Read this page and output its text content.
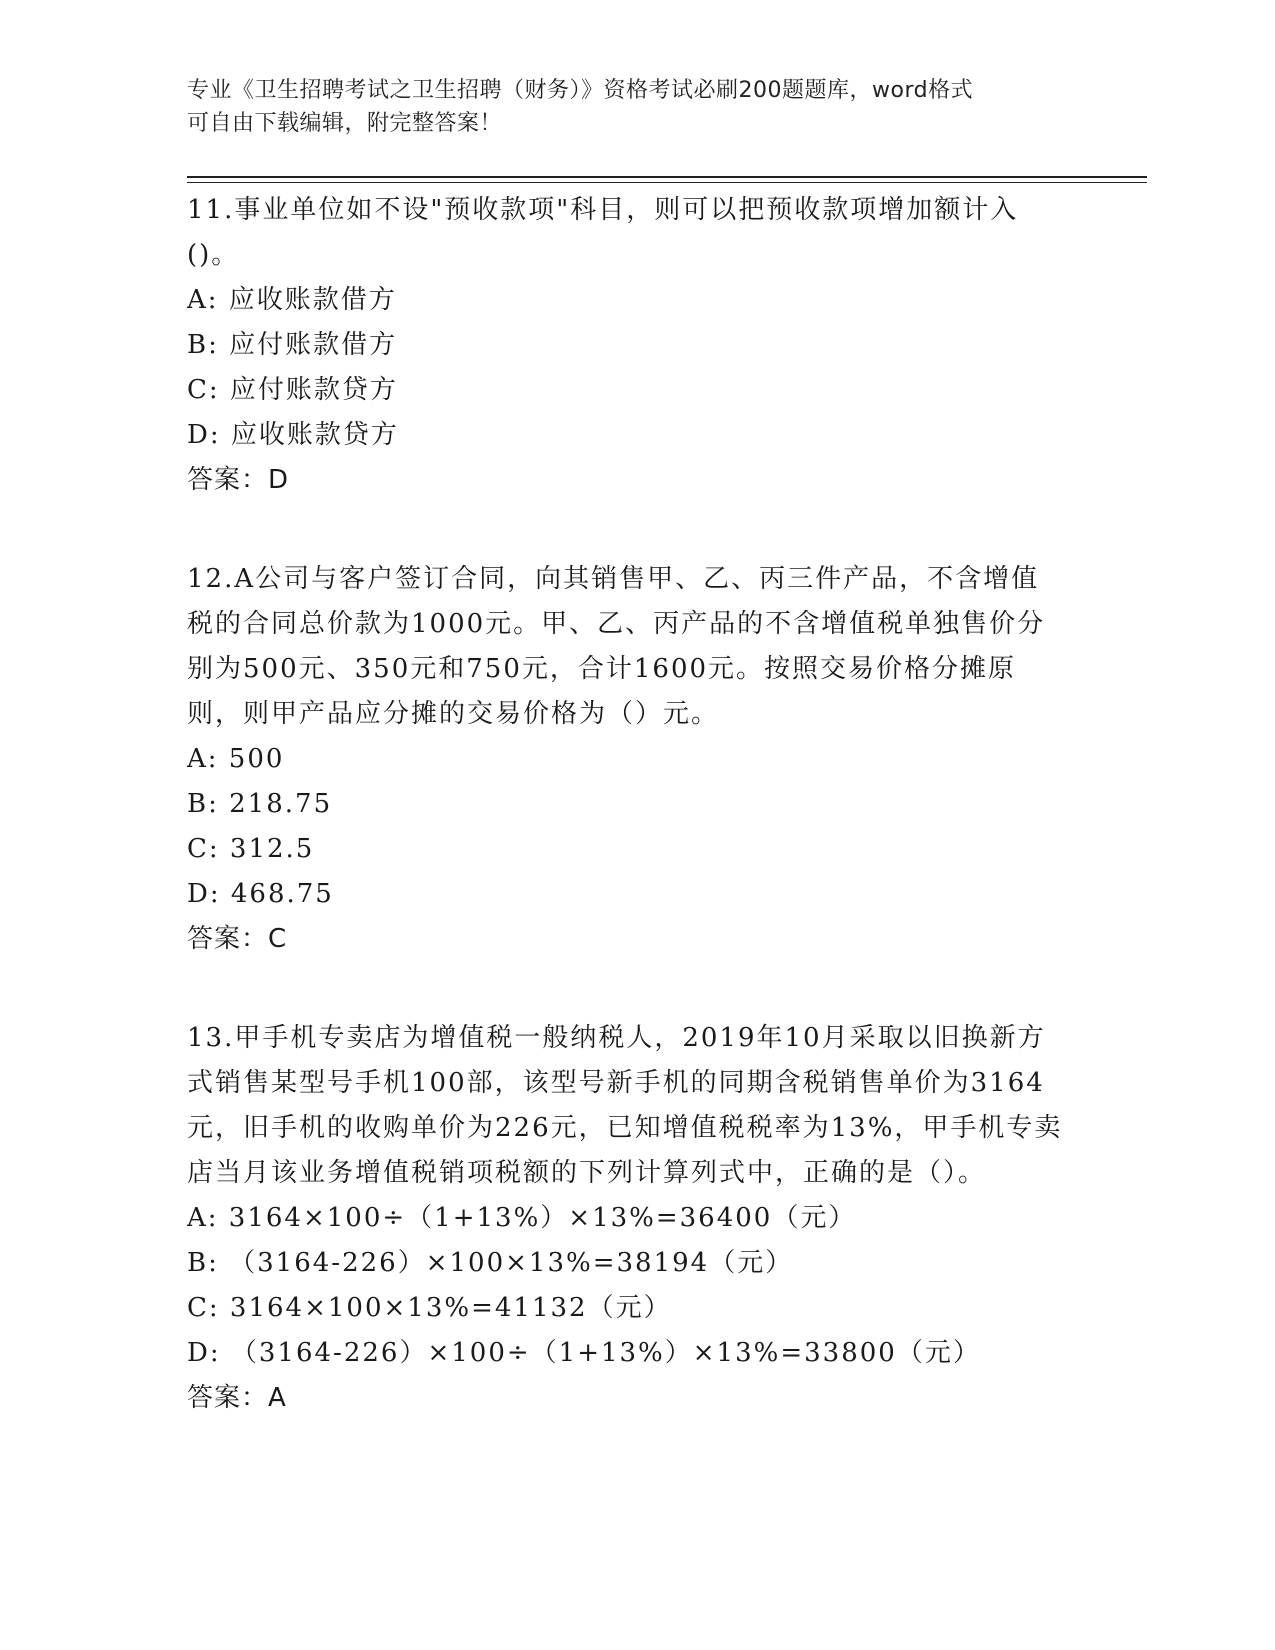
专业《卫生招聘考试之卫生招聘（财务）》资格考试必刷200题题库，word格式
可自由下载编辑，附完整答案！

11.事业单位如不设"预收款项"科目，则可以把预收款项增加额计入()。

A: 应收账款借方

B: 应付账款借方

C: 应付账款贷方

D: 应收账款贷方

答案：D

12.A公司与客户签订合同，向其销售甲、乙、丙三件产品，不含增值税的合同总价款为1000元。甲、乙、丙产品的不含增值税单独售价分别为500元、350元和750元，合计1600元。按照交易价格分摊原则，则甲产品应分摊的交易价格为（）元。

A: 500

B: 218.75

C: 312.5

D: 468.75

答案：C

13.甲手机专卖店为增值税一般纳税人，2019年10月采取以旧换新方式销售某型号手机100部，该型号新手机的同期含税销售单价为3164元，旧手机的收购单价为226元，已知增值税税率为13%，甲手机专卖店当月该业务增值税销项税额的下列计算列式中，正确的是（）。

A: 3164×100÷（1+13%）×13%=36400（元）

B: （3164-226）×100×13%=38194（元）

C: 3164×100×13%=41132（元）

D: （3164-226）×100÷（1+13%）×13%=33800（元）

答案：A
